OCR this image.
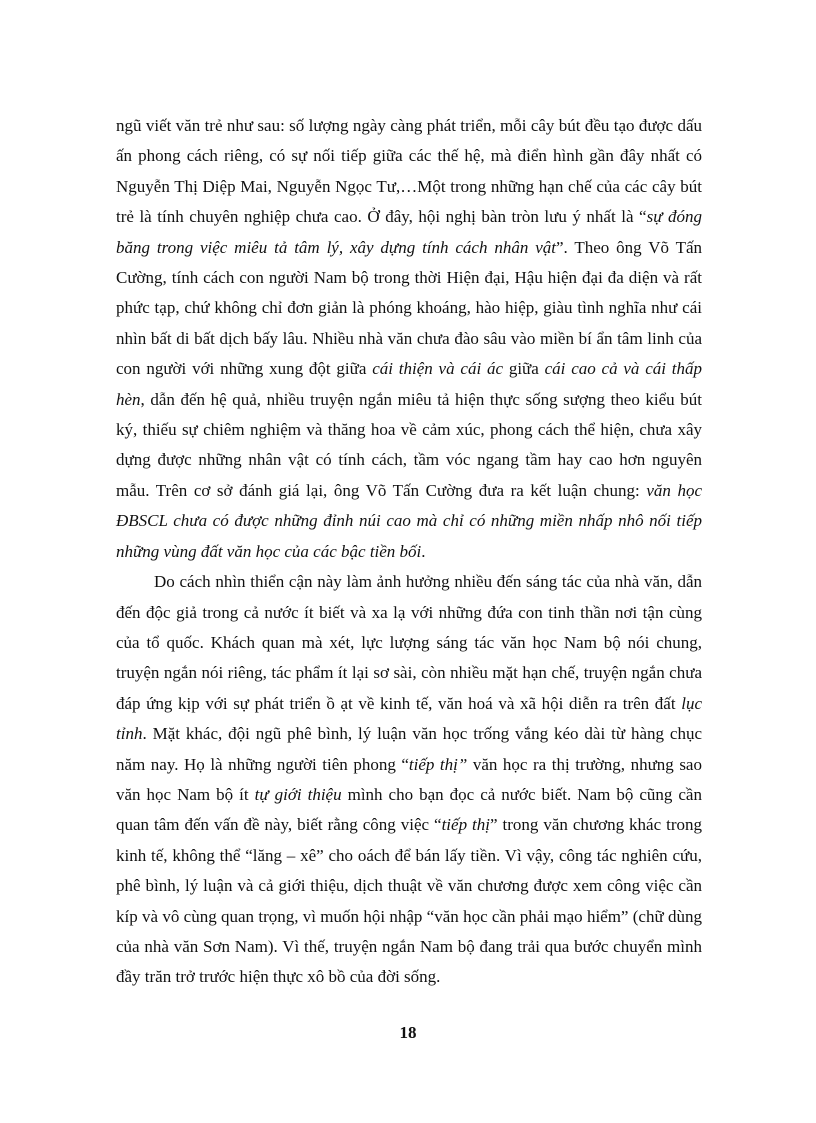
ngũ viết văn trẻ như sau: số lượng ngày càng phát triển, mỗi cây bút đều tạo được dấu ấn phong cách riêng, có sự nối tiếp giữa các thế hệ, mà điển hình gần đây nhất có Nguyễn Thị Diệp Mai, Nguyễn Ngọc Tư,…Một trong những hạn chế của các cây bút trẻ là tính chuyên nghiệp chưa cao. Ở đây, hội nghị bàn tròn lưu ý nhất là “sự đóng băng trong việc miêu tả tâm lý, xây dựng tính cách nhân vật”. Theo ông Võ Tấn Cường, tính cách con người Nam bộ trong thời Hiện đại, Hậu hiện đại đa diện và rất phức tạp, chứ không chỉ đơn giản là phóng khoáng, hào hiệp, giàu tình nghĩa như cái nhìn bất di bất dịch bấy lâu. Nhiều nhà văn chưa đào sâu vào miền bí ẩn tâm linh của con người với những xung đột giữa cái thiện và cái ác giữa cái cao cả và cái thấp hèn, dẫn đến hệ quả, nhiều truyện ngắn miêu tả hiện thực sống sượng theo kiểu bút ký, thiếu sự chiêm nghiệm và thăng hoa về cảm xúc, phong cách thể hiện, chưa xây dựng được những nhân vật có tính cách, tầm vóc ngang tầm hay cao hơn nguyên mẫu. Trên cơ sở đánh giá lại, ông Võ Tấn Cường đưa ra kết luận chung: văn học ĐBSCL chưa có được những đỉnh núi cao mà chỉ có những miền nhấp nhô nối tiếp những vùng đất văn học của các bậc tiền bối.

Do cách nhìn thiển cận này làm ảnh hưởng nhiều đến sáng tác của nhà văn, dẫn đến độc giả trong cả nước ít biết và xa lạ với những đứa con tinh thần nơi tận cùng của tổ quốc. Khách quan mà xét, lực lượng sáng tác văn học Nam bộ nói chung, truyện ngắn nói riêng, tác phẩm ít lại sơ sài, còn nhiều mặt hạn chế, truyện ngắn chưa đáp ứng kịp với sự phát triển ồ ạt về kinh tế, văn hoá và xã hội diễn ra trên đất lục tỉnh. Mặt khác, đội ngũ phê bình, lý luận văn học trống vắng kéo dài từ hàng chục năm nay. Họ là những người tiên phong “tiếp thị” văn học ra thị trường, nhưng sao văn học Nam bộ ít tự giới thiệu mình cho bạn đọc cả nước biết. Nam bộ cũng cần quan tâm đến vấn đề này, biết rằng công việc “tiếp thị” trong văn chương khác trong kinh tế, không thể “lăng – xê” cho oách để bán lấy tiền. Vì vậy, công tác nghiên cứu, phê bình, lý luận và cả giới thiệu, dịch thuật về văn chương được xem công việc cần kíp và vô cùng quan trọng, vì muốn hội nhập “văn học cần phải mạo hiểm” (chữ dùng của nhà văn Sơn Nam). Vì thế, truyện ngắn Nam bộ đang trải qua bước chuyển mình đầy trăn trở trước hiện thực xô bồ của đời sống.

18
